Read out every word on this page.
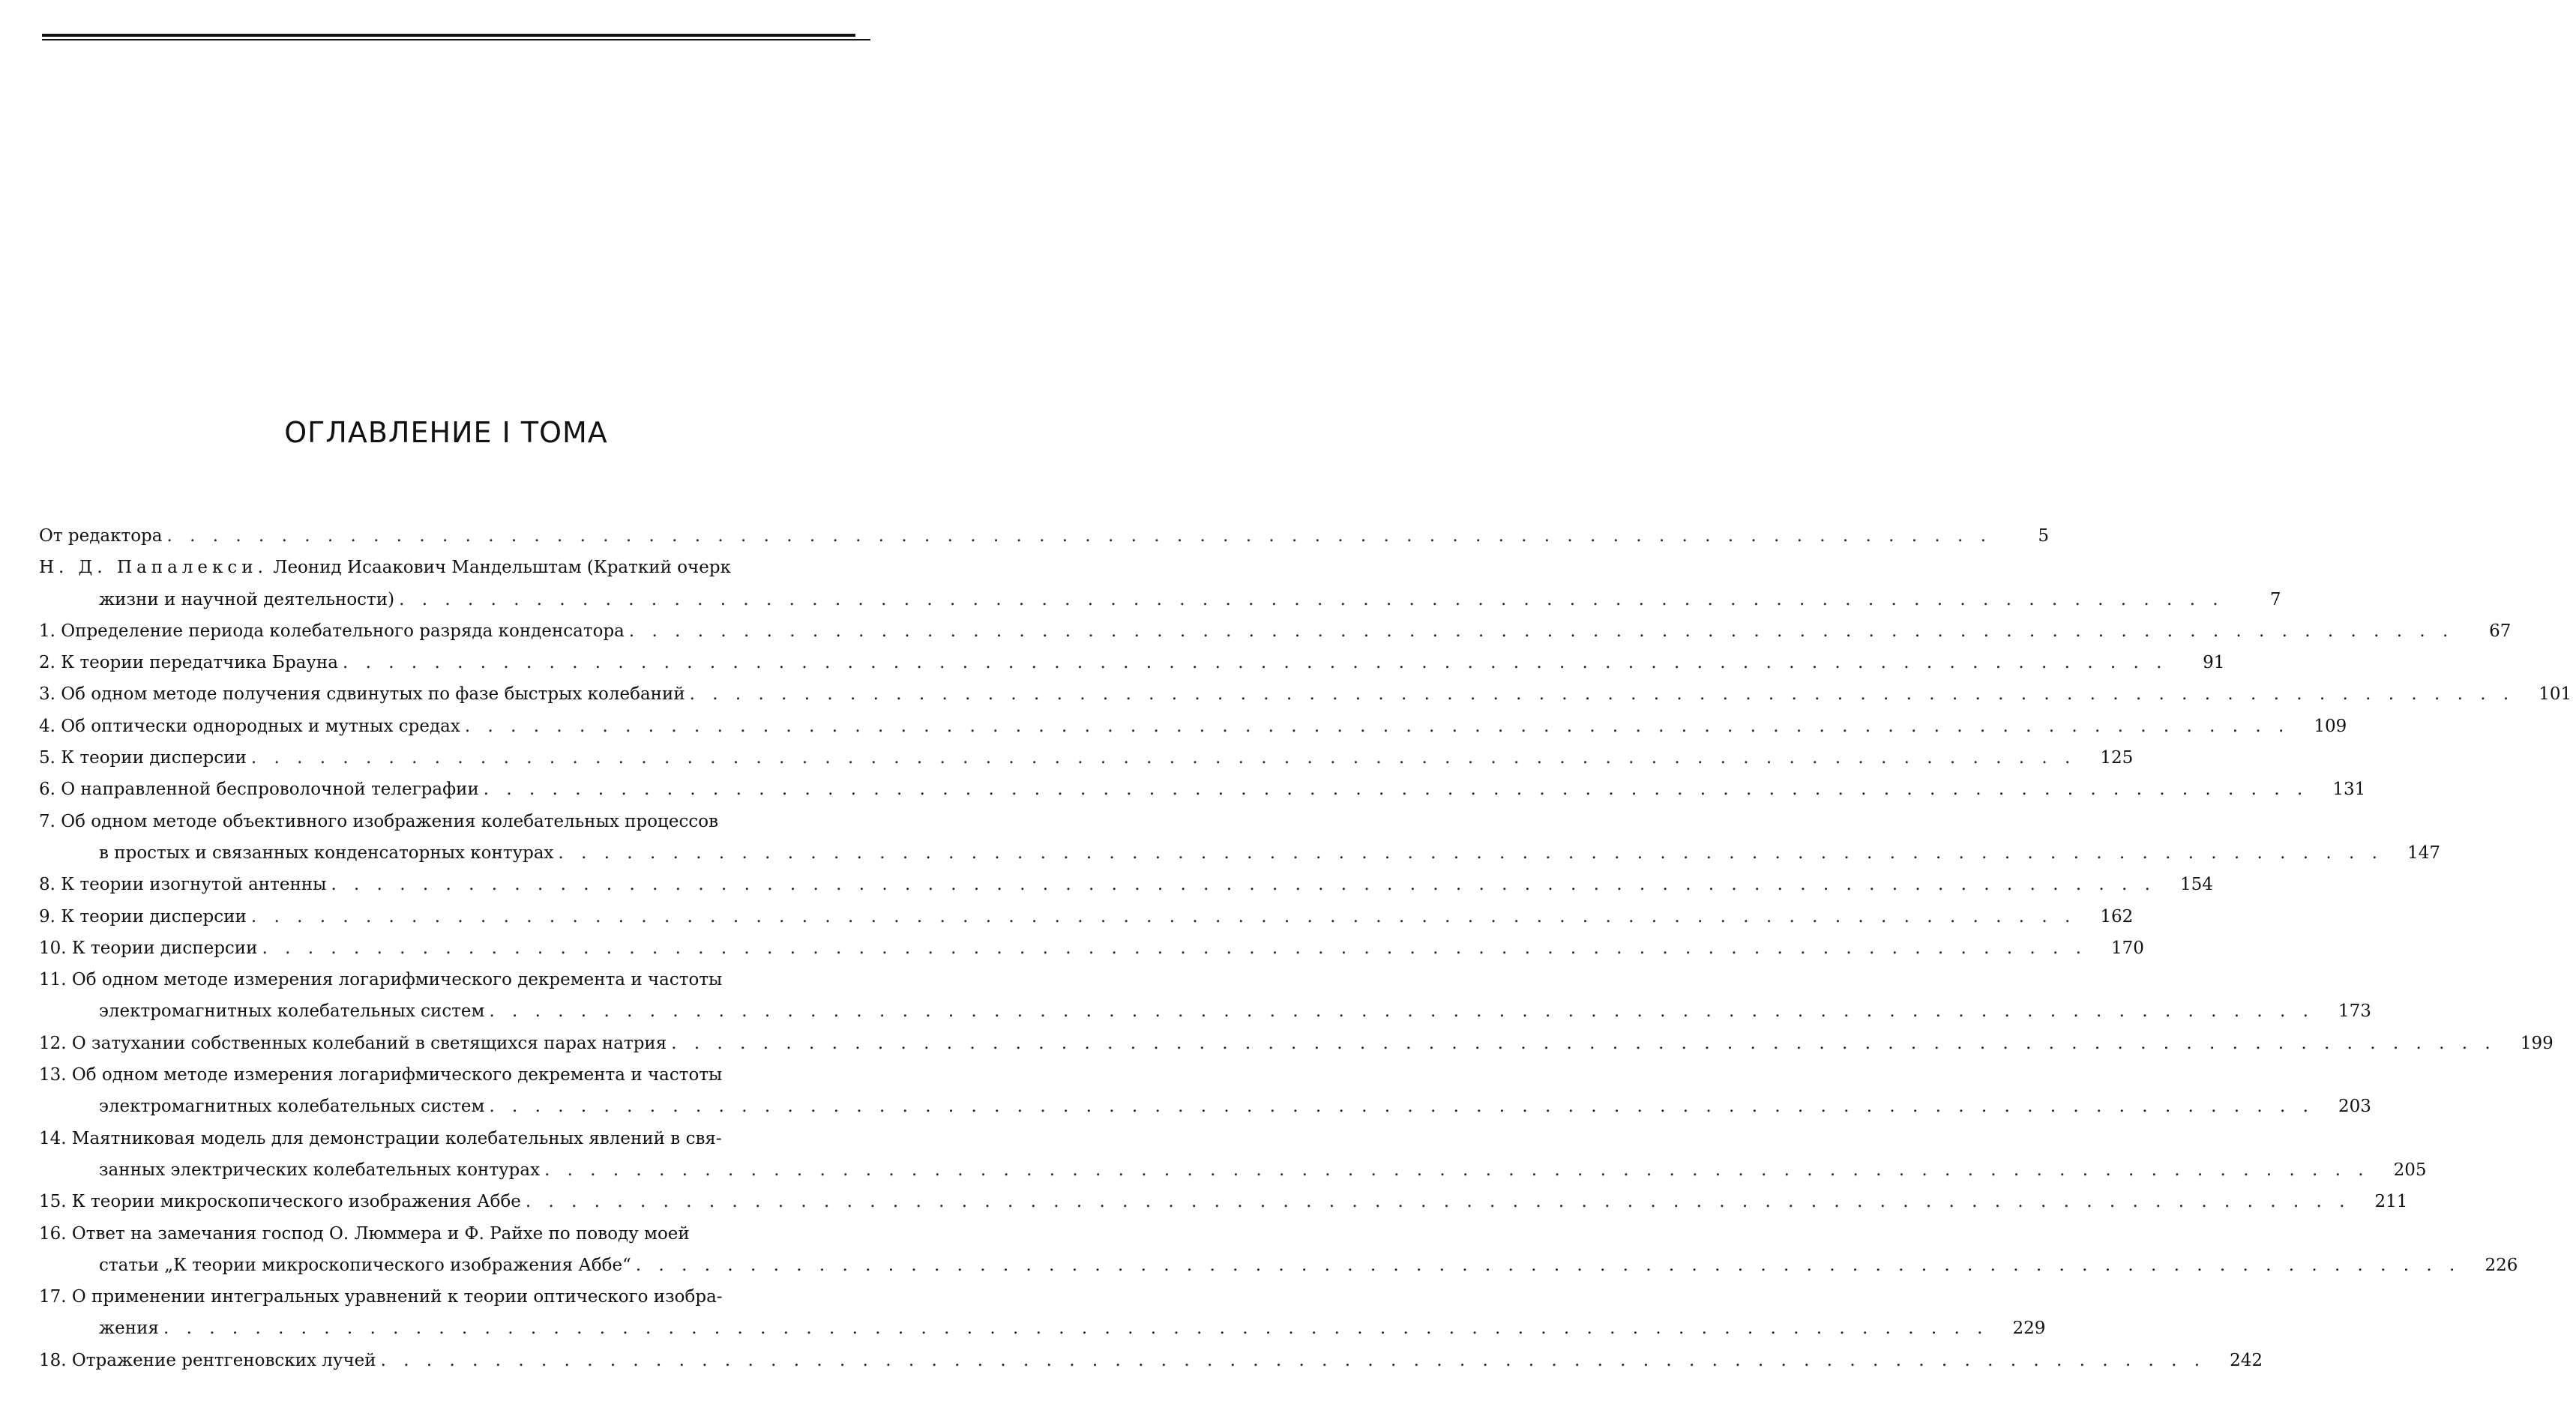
ОГЛАВЛЕНИЕ I ТОМА
От редактора . . . . . . . . . . . . . . . . . . . . . . . . . . . . . . . . . . . . . . . . . . . . . . . . . . . . . . . . . . . . . . . . . . . . . . . . . . . . . . . .	5
Н. Д. Папалекси. Леонид Исаакович Мандельштам (Краткий очерк
жизни и научной деятельности) . . . . . . . . . . . . . . . . . . . . . . . . . . . . . . . . . . . . . . . . . . . . . . . . . . . . . . . . . . . . . . . . . . . . . . . . . . . . . . . .	7
1. Определение периода колебательного разряда конденсатора . . . . . . . . . . . . . . . . . . . . . . . . . . . . . . . . . . . . . . . . . . . . . . . . . . . . . . . . . . . . . . . . . . . . . . . . . . . . . . . .	67
2. К теории передатчика Брауна . . . . . . . . . . . . . . . . . . . . . . . . . . . . . . . . . . . . . . . . . . . . . . . . . . . . . . . . . . . . . . . . . . . . . . . . . . . . . . . .	91
3. Об одном методе получения сдвинутых по фазе быстрых колебаний . . . . . . . . . . . . . . . . . . . . . . . . . . . . . . . . . . . . . . . . . . . . . . . . . . . . . . . . . . . . . . . . . . . . . . . . . . . . . . . .	101
4. Об оптически однородных и мутных средах . . . . . . . . . . . . . . . . . . . . . . . . . . . . . . . . . . . . . . . . . . . . . . . . . . . . . . . . . . . . . . . . . . . . . . . . . . . . . . . .	109
5. К теории дисперсии . . . . . . . . . . . . . . . . . . . . . . . . . . . . . . . . . . . . . . . . . . . . . . . . . . . . . . . . . . . . . . . . . . . . . . . . . . . . . . . .	125
6. О направленной беспроволочной телеграфии . . . . . . . . . . . . . . . . . . . . . . . . . . . . . . . . . . . . . . . . . . . . . . . . . . . . . . . . . . . . . . . . . . . . . . . . . . . . . . . .	131
7. Об одном методе объективного изображения колебательных процессов
в простых и связанных конденсаторных контурах . . . . . . . . . . . . . . . . . . . . . . . . . . . . . . . . . . . . . . . . . . . . . . . . . . . . . . . . . . . . . . . . . . . . . . . . . . . . . . . .	147
8. К теории изогнутой антенны . . . . . . . . . . . . . . . . . . . . . . . . . . . . . . . . . . . . . . . . . . . . . . . . . . . . . . . . . . . . . . . . . . . . . . . . . . . . . . . .	154
9. К теории дисперсии . . . . . . . . . . . . . . . . . . . . . . . . . . . . . . . . . . . . . . . . . . . . . . . . . . . . . . . . . . . . . . . . . . . . . . . . . . . . . . . .	162
10. К теории дисперсии . . . . . . . . . . . . . . . . . . . . . . . . . . . . . . . . . . . . . . . . . . . . . . . . . . . . . . . . . . . . . . . . . . . . . . . . . . . . . . . .	170
11. Об одном методе измерения логарифмического декремента и частоты
электромагнитных колебательных систем . . . . . . . . . . . . . . . . . . . . . . . . . . . . . . . . . . . . . . . . . . . . . . . . . . . . . . . . . . . . . . . . . . . . . . . . . . . . . . . .	173
12. О затухании собственных колебаний в светящихся парах натрия . . . . . . . . . . . . . . . . . . . . . . . . . . . . . . . . . . . . . . . . . . . . . . . . . . . . . . . . . . . . . . . . . . . . . . . . . . . . . . . .	199
13. Об одном методе измерения логарифмического декремента и частоты
электромагнитных колебательных систем . . . . . . . . . . . . . . . . . . . . . . . . . . . . . . . . . . . . . . . . . . . . . . . . . . . . . . . . . . . . . . . . . . . . . . . . . . . . . . . .	203
14. Маятниковая модель для демонстрации колебательных явлений в свя-
занных электрических колебательных контурах . . . . . . . . . . . . . . . . . . . . . . . . . . . . . . . . . . . . . . . . . . . . . . . . . . . . . . . . . . . . . . . . . . . . . . . . . . . . . . . .	205
15. К теории микроскопического изображения Аббе . . . . . . . . . . . . . . . . . . . . . . . . . . . . . . . . . . . . . . . . . . . . . . . . . . . . . . . . . . . . . . . . . . . . . . . . . . . . . . . .	211
16. Ответ на замечания господ О. Люммера и Ф. Райхе по поводу моей
статьи „К теории микроскопического изображения Аббе“ . . . . . . . . . . . . . . . . . . . . . . . . . . . . . . . . . . . . . . . . . . . . . . . . . . . . . . . . . . . . . . . . . . . . . . . . . . . . . . . .	226
17. О применении интегральных уравнений к теории оптического изобра-
жения . . . . . . . . . . . . . . . . . . . . . . . . . . . . . . . . . . . . . . . . . . . . . . . . . . . . . . . . . . . . . . . . . . . . . . . . . . . . . . . .	229
18. Отражение рентгеновских лучей . . . . . . . . . . . . . . . . . . . . . . . . . . . . . . . . . . . . . . . . . . . . . . . . . . . . . . . . . . . . . . . . . . . . . . . . . . . . . . . .	242
